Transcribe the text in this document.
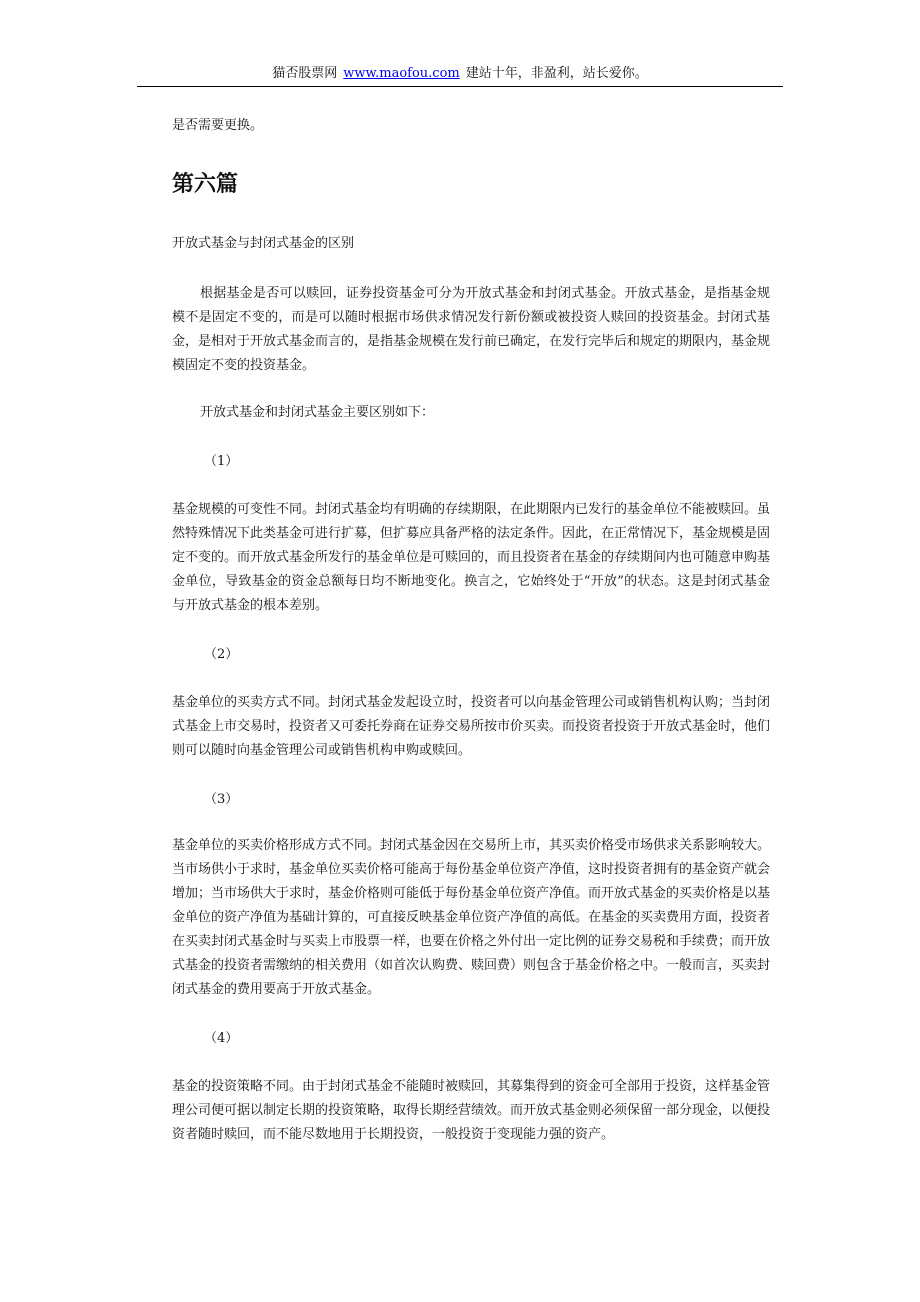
猫否股票网 www.maofou.com 建站十年，非盈利，站长爱你。
是否需要更换。
第六篇
开放式基金与封闭式基金的区别

根据基金是否可以赎回，证券投资基金可分为开放式基金和封闭式基金。开放式基金，是指基金规模不是固定不变的，而是可以随时根据市场供求情况发行新份额或被投资人赎回的投资基金。封闭式基金，是相对于开放式基金而言的，是指基金规模在发行前已确定，在发行完毕后和规定的期限内，基金规模固定不变的投资基金。

开放式基金和封闭式基金主要区别如下：
（1）

基金规模的可变性不同。封闭式基金均有明确的存续期限，在此期限内已发行的基金单位不能被赎回。虽然特殊情况下此类基金可进行扩募，但扩募应具备严格的法定条件。因此，在正常情况下，基金规模是固定不变的。而开放式基金所发行的基金单位是可赎回的，而且投资者在基金的存续期间内也可随意申购基金单位，导致基金的资金总额每日均不断地变化。换言之，它始终处于“开放”的状态。这是封闭式基金与开放式基金的根本差别。

（2）

基金单位的买卖方式不同。封闭式基金发起设立时，投资者可以向基金管理公司或销售机构认购；当封闭式基金上市交易时，投资者又可委托券商在证券交易所按市价买卖。而投资者投资于开放式基金时，他们则可以随时向基金管理公司或销售机构申购或赎回。

（3）

基金单位的买卖价格形成方式不同。封闭式基金因在交易所上市，其买卖价格受市场供求关系影响较大。当市场供小于求时，基金单位买卖价格可能高于每份基金单位资产净值，这时投资者拥有的基金资产就会增加；当市场供大于求时，基金价格则可能低于每份基金单位资产净值。而开放式基金的买卖价格是以基金单位的资产净值为基础计算的，可直接反映基金单位资产净值的高低。在基金的买卖费用方面，投资者在买卖封闭式基金时与买卖上市股票一样，也要在价格之外付出一定比例的证券交易税和手续费；而开放式基金的投资者需缴纳的相关费用（如首次认购费、赎回费）则包含于基金价格之中。一般而言，买卖封闭式基金的费用要高于开放式基金。

（4）

基金的投资策略不同。由于封闭式基金不能随时被赎回，其募集得到的资金可全部用于投资，这样基金管理公司便可据以制定长期的投资策略，取得长期经营绩效。而开放式基金则必须保留一部分现金，以便投资者随时赎回，而不能尽数地用于长期投资，一般投资于变现能力强的资产。
